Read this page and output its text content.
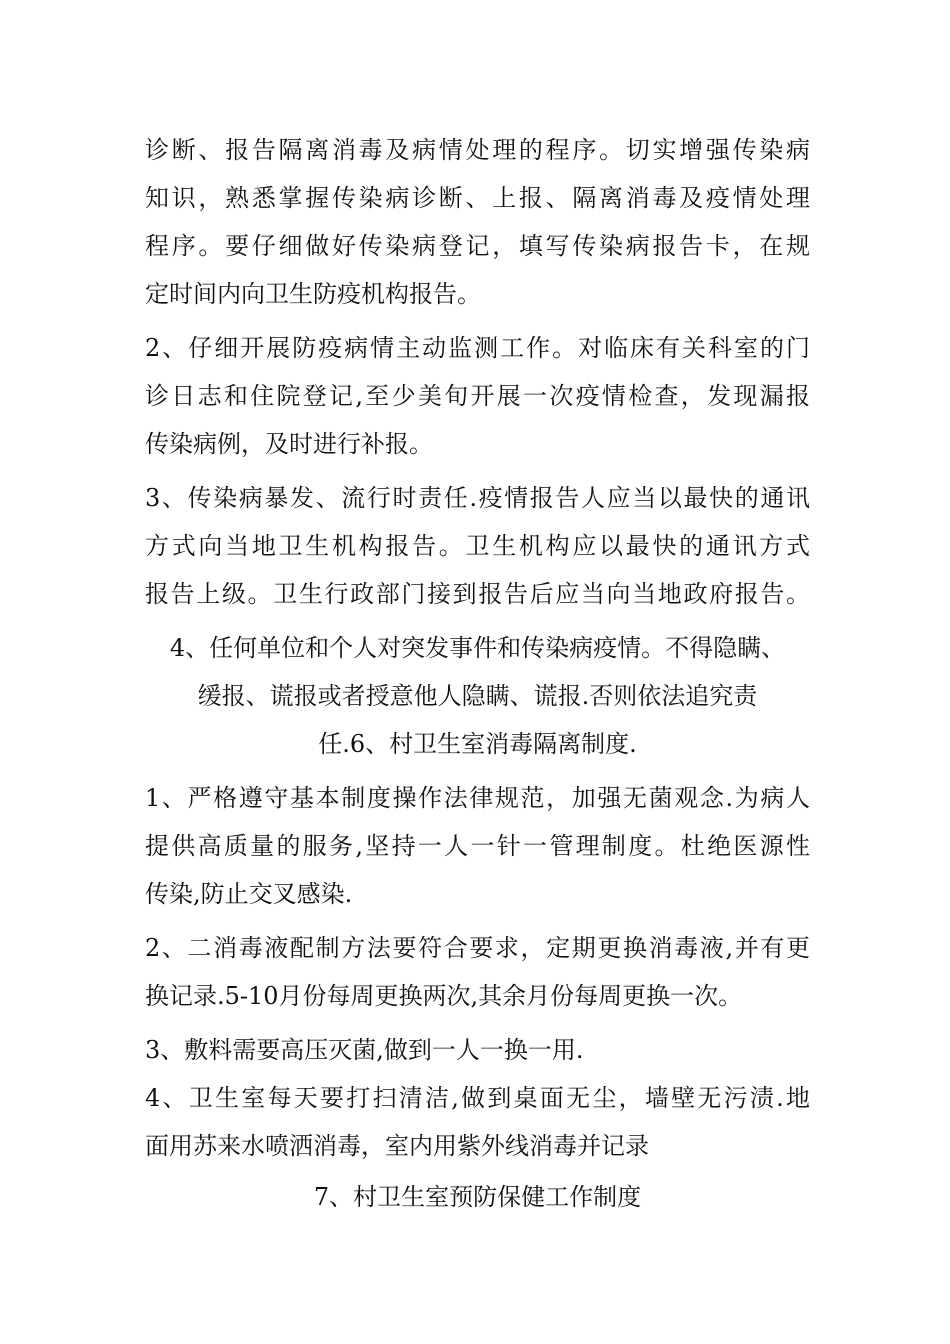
诊断、报告隔离消毒及病情处理的程序。切实增强传染病
知识，熟悉掌握传染病诊断、上报、隔离消毒及疫情处理
程序。要仔细做好传染病登记，填写传染病报告卡，在规
定时间内向卫生防疫机构报告。
2、仔细开展防疫病情主动监测工作。对临床有关科室的门
诊日志和住院登记,至少美旬开展一次疫情检查，发现漏报
传染病例，及时进行补报。
3、传染病暴发、流行时责任.疫情报告人应当以最快的通讯
方式向当地卫生机构报告。卫生机构应以最快的通讯方式
报告上级。卫生行政部门接到报告后应当向当地政府报告。
4、任何单位和个人对突发事件和传染病疫情。不得隐瞒、
缓报、谎报或者授意他人隐瞒、谎报.否则依法追究责
任.6、村卫生室消毒隔离制度.
1、严格遵守基本制度操作法律规范，加强无菌观念.为病人
提供高质量的服务,坚持一人一针一管理制度。杜绝医源性
传染,防止交叉感染.
2、二消毒液配制方法要符合要求，定期更换消毒液,并有更
换记录.5-10月份每周更换两次,其余月份每周更换一次。
3、敷料需要高压灭菌,做到一人一换一用.
4、卫生室每天要打扫清洁,做到桌面无尘，墙壁无污渍.地
面用苏来水喷洒消毒，室内用紫外线消毒并记录
7、村卫生室预防保健工作制度
